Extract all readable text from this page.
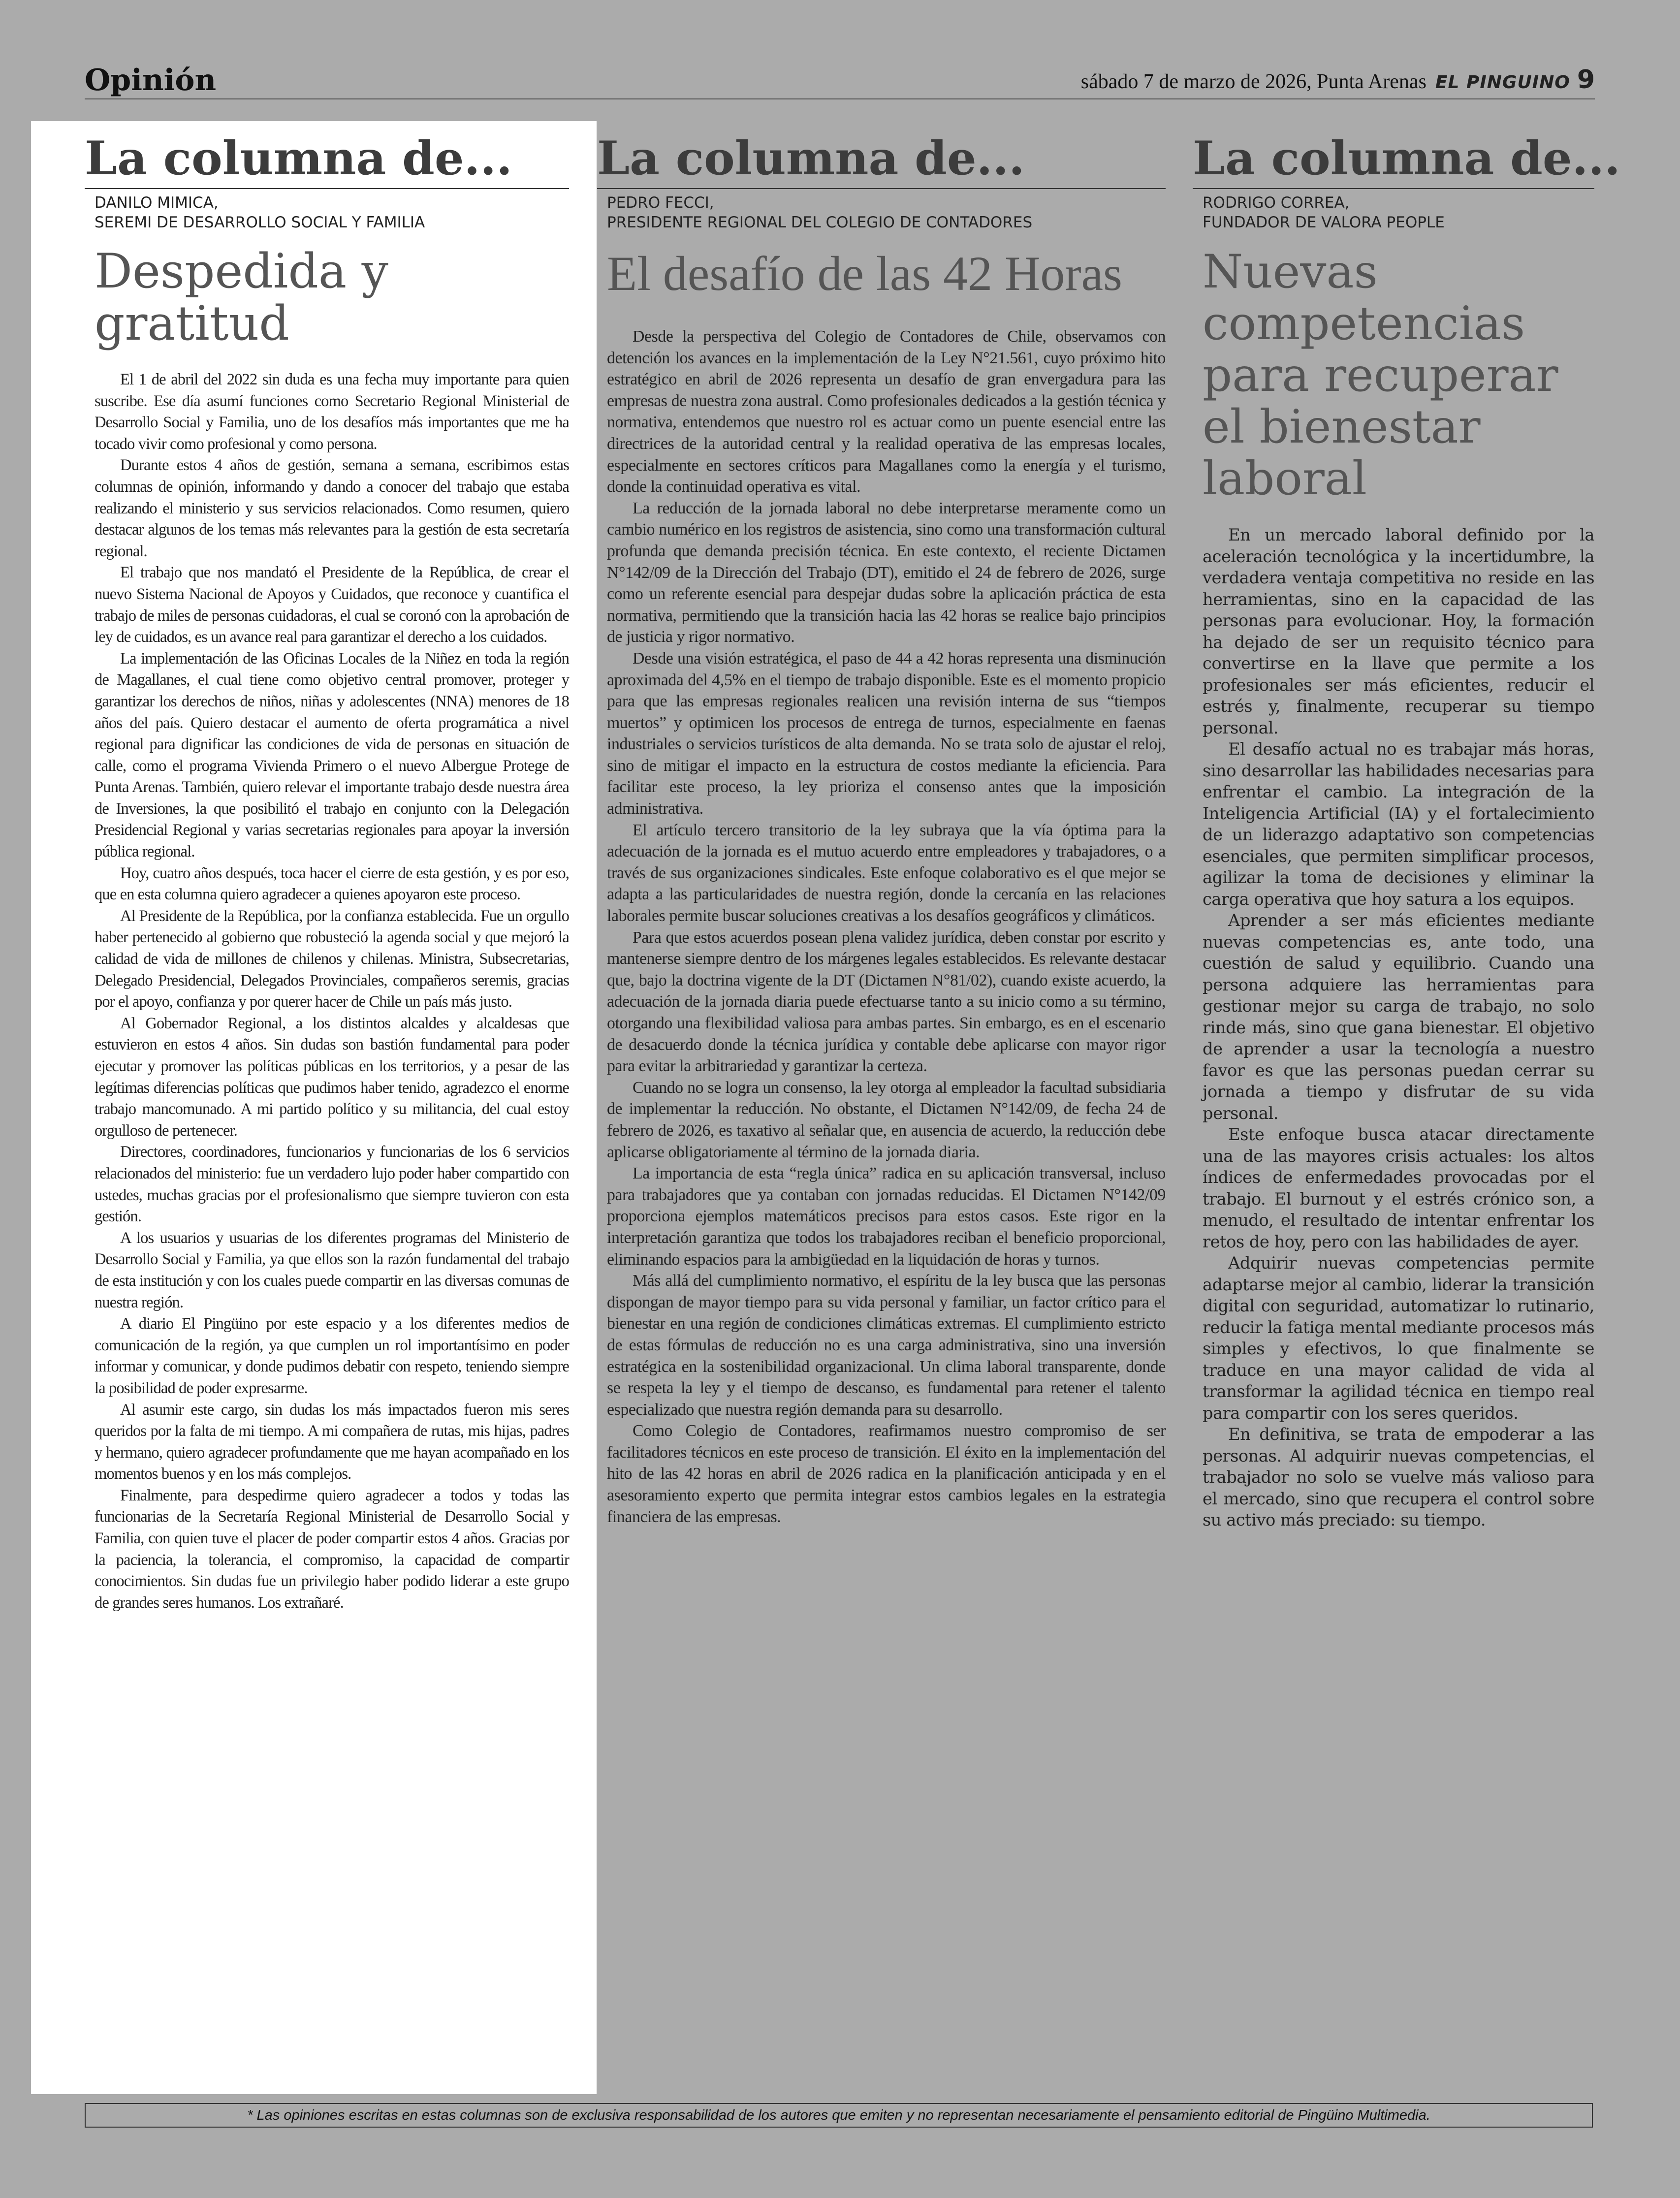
Opinión	sábado 7 de marzo de 2026, Punta Arenas EL PINGUINO 9
La columna de...
DANILO MIMICA,
SEREMI DE DESARROLLO SOCIAL Y FAMILIA
Despedida y gratitud

El 1 de abril del 2022 sin duda es una fecha muy importante para quien suscribe. Ese día asumí funciones como Secretario Regional Ministerial de Desarrollo Social y Familia, uno de los desafíos más importantes que me ha tocado vivir como profesional y como persona.

Durante estos 4 años de gestión, semana a semana, escribimos estas columnas de opinión, informando y dando a conocer del trabajo que estaba realizando el ministerio y sus servicios relacionados. Como resumen, quiero destacar algunos de los temas más relevantes para la gestión de esta secretaría regional.

El trabajo que nos mandató el Presidente de la República, de crear el nuevo Sistema Nacional de Apoyos y Cuidados, que reconoce y cuantifica el trabajo de miles de personas cuidadoras, el cual se coronó con la aprobación de ley de cuidados, es un avance real para garantizar el derecho a los cuidados.

La implementación de las Oficinas Locales de la Niñez en toda la región de Magallanes, el cual tiene como objetivo central promover, proteger y garantizar los derechos de niños, niñas y adolescentes (NNA) menores de 18 años del país. Quiero destacar el aumento de oferta programática a nivel regional para dignificar las condiciones de vida de personas en situación de calle, como el programa Vivienda Primero o el nuevo Albergue Protege de Punta Arenas. También, quiero relevar el importante trabajo desde nuestra área de Inversiones, la que posibilitó el trabajo en conjunto con la Delegación Presidencial Regional y varias secretarias regionales para apoyar la inversión pública regional.

Hoy, cuatro años después, toca hacer el cierre de esta gestión, y es por eso, que en esta columna quiero agradecer a quienes apoyaron este proceso.

Al Presidente de la República, por la confianza establecida. Fue un orgullo haber pertenecido al gobierno que robusteció la agenda social y que mejoró la calidad de vida de millones de chilenos y chilenas. Ministra, Subsecretarias, Delegado Presidencial, Delegados Provinciales, compañeros seremis, gracias por el apoyo, confianza y por querer hacer de Chile un país más justo.

Al Gobernador Regional, a los distintos alcaldes y alcaldesas que estuvieron en estos 4 años. Sin dudas son bastión fundamental para poder ejecutar y promover las políticas públicas en los territorios, y a pesar de las legítimas diferencias políticas que pudimos haber tenido, agradezco el enorme trabajo mancomunado. A mi partido político y su militancia, del cual estoy orgulloso de pertenecer.

Directores, coordinadores, funcionarios y funcionarias de los 6 servicios relacionados del ministerio: fue un verdadero lujo poder haber compartido con ustedes, muchas gracias por el profesionalismo que siempre tuvieron con esta gestión.

A los usuarios y usuarias de los diferentes programas del Ministerio de Desarrollo Social y Familia, ya que ellos son la razón fundamental del trabajo de esta institución y con los cuales puede compartir en las diversas comunas de nuestra región.

A diario El Pingüino por este espacio y a los diferentes medios de comunicación de la región, ya que cumplen un rol importantísimo en poder informar y comunicar, y donde pudimos debatir con respeto, teniendo siempre la posibilidad de poder expresarme.

Al asumir este cargo, sin dudas los más impactados fueron mis seres queridos por la falta de mi tiempo. A mi compañera de rutas, mis hijas, padres y hermano, quiero agradecer profundamente que me hayan acompañado en los momentos buenos y en los más complejos.

Finalmente, para despedirme quiero agradecer a todos y todas las funcionarias de la Secretaría Regional Ministerial de Desarrollo Social y Familia, con quien tuve el placer de poder compartir estos 4 años. Gracias por la paciencia, la tolerancia, el compromiso, la capacidad de compartir conocimientos. Sin dudas fue un privilegio haber podido liderar a este grupo de grandes seres humanos. Los extrañaré.

La columna de...
PEDRO FECCI,
PRESIDENTE REGIONAL DEL COLEGIO DE CONTADORES
El desafío de las 42 Horas

Desde la perspectiva del Colegio de Contadores de Chile, observamos con detención los avances en la implementación de la Ley N°21.561, cuyo próximo hito estratégico en abril de 2026 representa un desafío de gran envergadura para las empresas de nuestra zona austral. Como profesionales dedicados a la gestión técnica y normativa, entendemos que nuestro rol es actuar como un puente esencial entre las directrices de la autoridad central y la realidad operativa de las empresas locales, especialmente en sectores críticos para Magallanes como la energía y el turismo, donde la continuidad operativa es vital.

La reducción de la jornada laboral no debe interpretarse meramente como un cambio numérico en los registros de asistencia, sino como una transformación cultural profunda que demanda precisión técnica. En este contexto, el reciente Dictamen N°142/09 de la Dirección del Trabajo (DT), emitido el 24 de febrero de 2026, surge como un referente esencial para despejar dudas sobre la aplicación práctica de esta normativa, permitiendo que la transición hacia las 42 horas se realice bajo principios de justicia y rigor normativo.

Desde una visión estratégica, el paso de 44 a 42 horas representa una disminución aproximada del 4,5% en el tiempo de trabajo disponible. Este es el momento propicio para que las empresas regionales realicen una revisión interna de sus “tiempos muertos” y optimicen los procesos de entrega de turnos, especialmente en faenas industriales o servicios turísticos de alta demanda. No se trata solo de ajustar el reloj, sino de mitigar el impacto en la estructura de costos mediante la eficiencia. Para facilitar este proceso, la ley prioriza el consenso antes que la imposición administrativa.

El artículo tercero transitorio de la ley subraya que la vía óptima para la adecuación de la jornada es el mutuo acuerdo entre empleadores y trabajadores, o a través de sus organizaciones sindicales. Este enfoque colaborativo es el que mejor se adapta a las particularidades de nuestra región, donde la cercanía en las relaciones laborales permite buscar soluciones creativas a los desafíos geográficos y climáticos.

Para que estos acuerdos posean plena validez jurídica, deben constar por escrito y mantenerse siempre dentro de los márgenes legales establecidos. Es relevante destacar que, bajo la doctrina vigente de la DT (Dictamen N°81/02), cuando existe acuerdo, la adecuación de la jornada diaria puede efectuarse tanto a su inicio como a su término, otorgando una flexibilidad valiosa para ambas partes. Sin embargo, es en el escenario de desacuerdo donde la técnica jurídica y contable debe aplicarse con mayor rigor para evitar la arbitrariedad y garantizar la certeza.

Cuando no se logra un consenso, la ley otorga al empleador la facultad subsidiaria de implementar la reducción. No obstante, el Dictamen N°142/09, de fecha 24 de febrero de 2026, es taxativo al señalar que, en ausencia de acuerdo, la reducción debe aplicarse obligatoriamente al término de la jornada diaria.

La importancia de esta “regla única” radica en su aplicación transversal, incluso para trabajadores que ya contaban con jornadas reducidas. El Dictamen N°142/09 proporciona ejemplos matemáticos precisos para estos casos. Este rigor en la interpretación garantiza que todos los trabajadores reciban el beneficio proporcional, eliminando espacios para la ambigüedad en la liquidación de horas y turnos.

Más allá del cumplimiento normativo, el espíritu de la ley busca que las personas dispongan de mayor tiempo para su vida personal y familiar, un factor crítico para el bienestar en una región de condiciones climáticas extremas. El cumplimiento estricto de estas fórmulas de reducción no es una carga administrativa, sino una inversión estratégica en la sostenibilidad organizacional. Un clima laboral transparente, donde se respeta la ley y el tiempo de descanso, es fundamental para retener el talento especializado que nuestra región demanda para su desarrollo.

Como Colegio de Contadores, reafirmamos nuestro compromiso de ser facilitadores técnicos en este proceso de transición. El éxito en la implementación del hito de las 42 horas en abril de 2026 radica en la planificación anticipada y en el asesoramiento experto que permita integrar estos cambios legales en la estrategia financiera de las empresas.

La columna de...
RODRIGO CORREA,
FUNDADOR DE VALORA PEOPLE
Nuevas competencias para recuperar el bienestar laboral

En un mercado laboral definido por la aceleración tecnológica y la incertidumbre, la verdadera ventaja competitiva no reside en las herramientas, sino en la capacidad de las personas para evolucionar. Hoy, la formación ha dejado de ser un requisito técnico para convertirse en la llave que permite a los profesionales ser más eficientes, reducir el estrés y, finalmente, recuperar su tiempo personal.

El desafío actual no es trabajar más horas, sino desarrollar las habilidades necesarias para enfrentar el cambio. La integración de la Inteligencia Artificial (IA) y el fortalecimiento de un liderazgo adaptativo son competencias esenciales, que permiten simplificar procesos, agilizar la toma de decisiones y eliminar la carga operativa que hoy satura a los equipos.

Aprender a ser más eficientes mediante nuevas competencias es, ante todo, una cuestión de salud y equilibrio. Cuando una persona adquiere las herramientas para gestionar mejor su carga de trabajo, no solo rinde más, sino que gana bienestar. El objetivo de aprender a usar la tecnología a nuestro favor es que las personas puedan cerrar su jornada a tiempo y disfrutar de su vida personal.

Este enfoque busca atacar directamente una de las mayores crisis actuales: los altos índices de enfermedades provocadas por el trabajo. El burnout y el estrés crónico son, a menudo, el resultado de intentar enfrentar los retos de hoy, pero con las habilidades de ayer.

Adquirir nuevas competencias permite adaptarse mejor al cambio, liderar la transición digital con seguridad, automatizar lo rutinario, reducir la fatiga mental mediante procesos más simples y efectivos, lo que finalmente se traduce en una mayor calidad de vida al transformar la agilidad técnica en tiempo real para compartir con los seres queridos.

En definitiva, se trata de empoderar a las personas. Al adquirir nuevas competencias, el trabajador no solo se vuelve más valioso para el mercado, sino que recupera el control sobre su activo más preciado: su tiempo.

* Las opiniones escritas en estas columnas son de exclusiva responsabilidad de los autores que emiten y no representan necesariamente el pensamiento editorial de Pingüino Multimedia.
